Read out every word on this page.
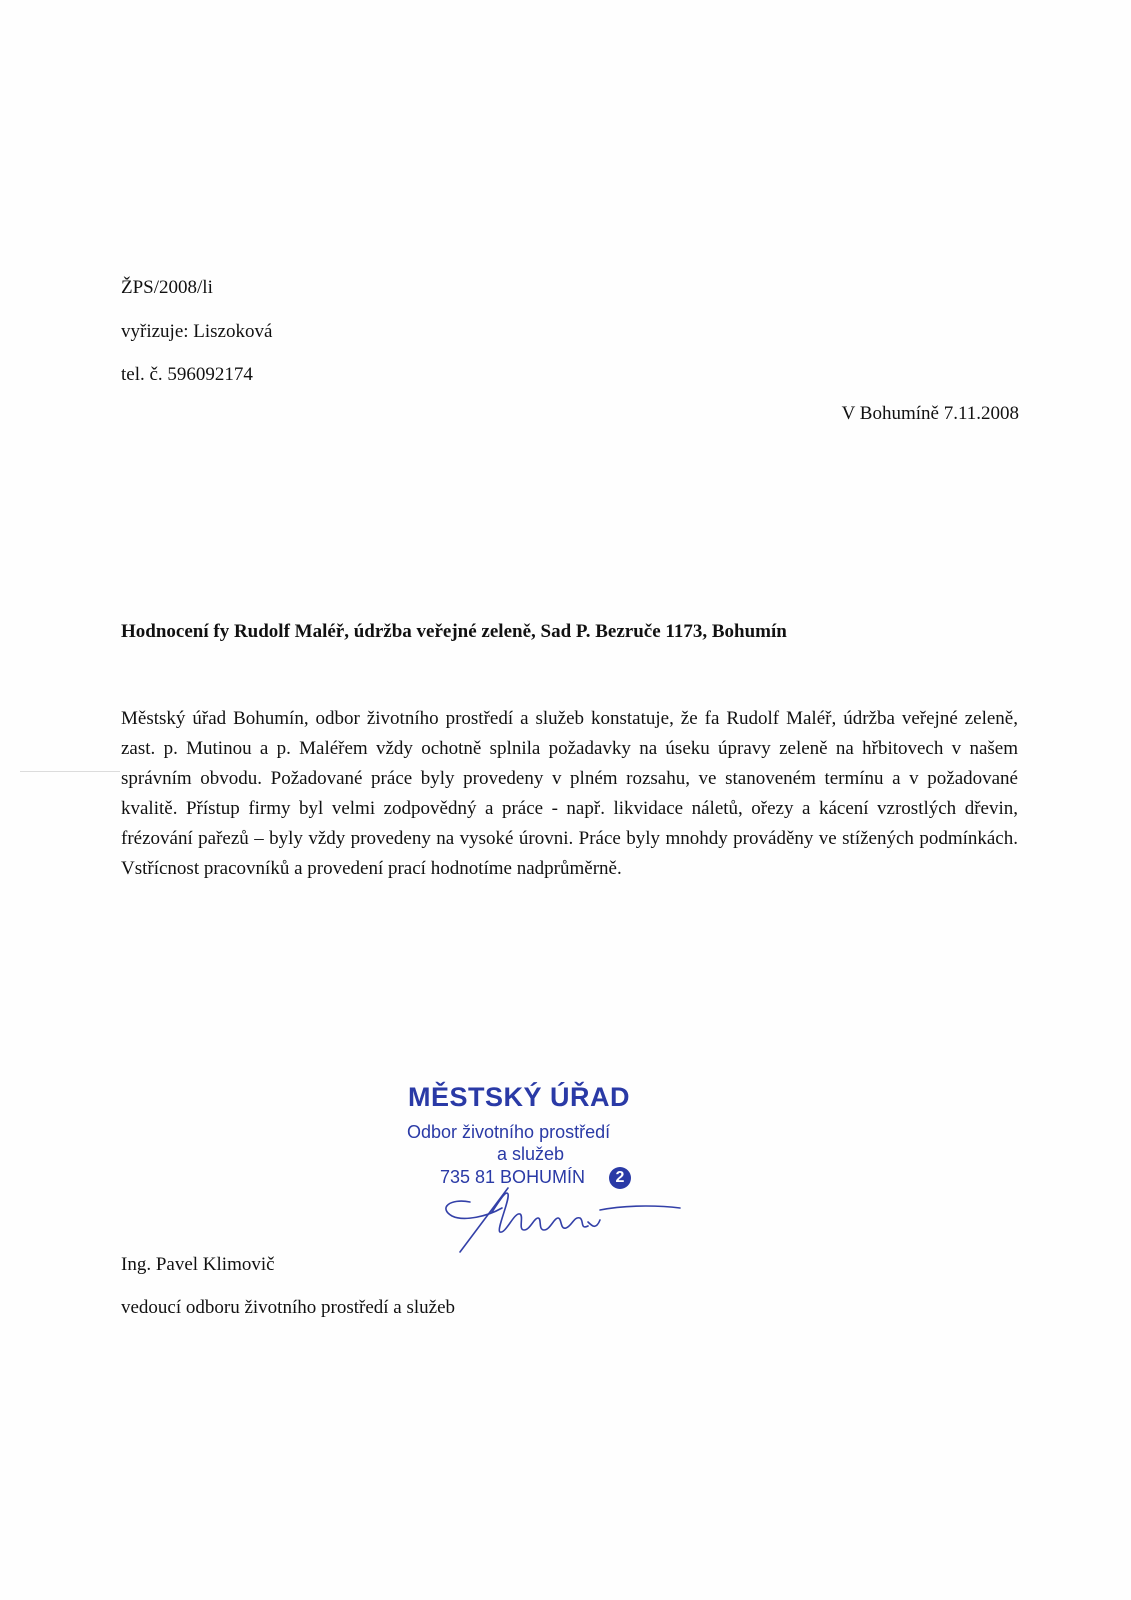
ŽPS/2008/li
vyřizuje: Liszoková
tel. č. 596092174
V Bohumíně 7.11.2008
Hodnocení fy Rudolf Maléř, údržba veřejné zeleně, Sad P. Bezruče 1173, Bohumín
Městský úřad Bohumín, odbor životního prostředí a služeb konstatuje, že fa Rudolf Maléř, údržba veřejné zeleně, zast. p. Mutinou a p. Maléřem vždy ochotně splnila požadavky na úseku úpravy zeleně na hřbitovech v našem správním obvodu. Požadované práce byly provedeny v plném rozsahu, ve stanoveném termínu a v požadované kvalitě. Přístup firmy byl velmi zodpovědný a práce - např. likvidace náletů, ořezy a kácení vzrostlých dřevin, frézování pařezů – byly vždy provedeny na vysoké úrovni. Práce byly mnohdy prováděny ve stížených podmínkách. Vstřícnost pracovníků a provedení prací hodnotíme nadprůměrně.
MĚSTSKÝ ÚŘAD
Odbor životního prostředí
a služeb
735 81 BOHUMÍN	2
Ing. Pavel Klimovič
vedoucí odboru životního prostředí a služeb
